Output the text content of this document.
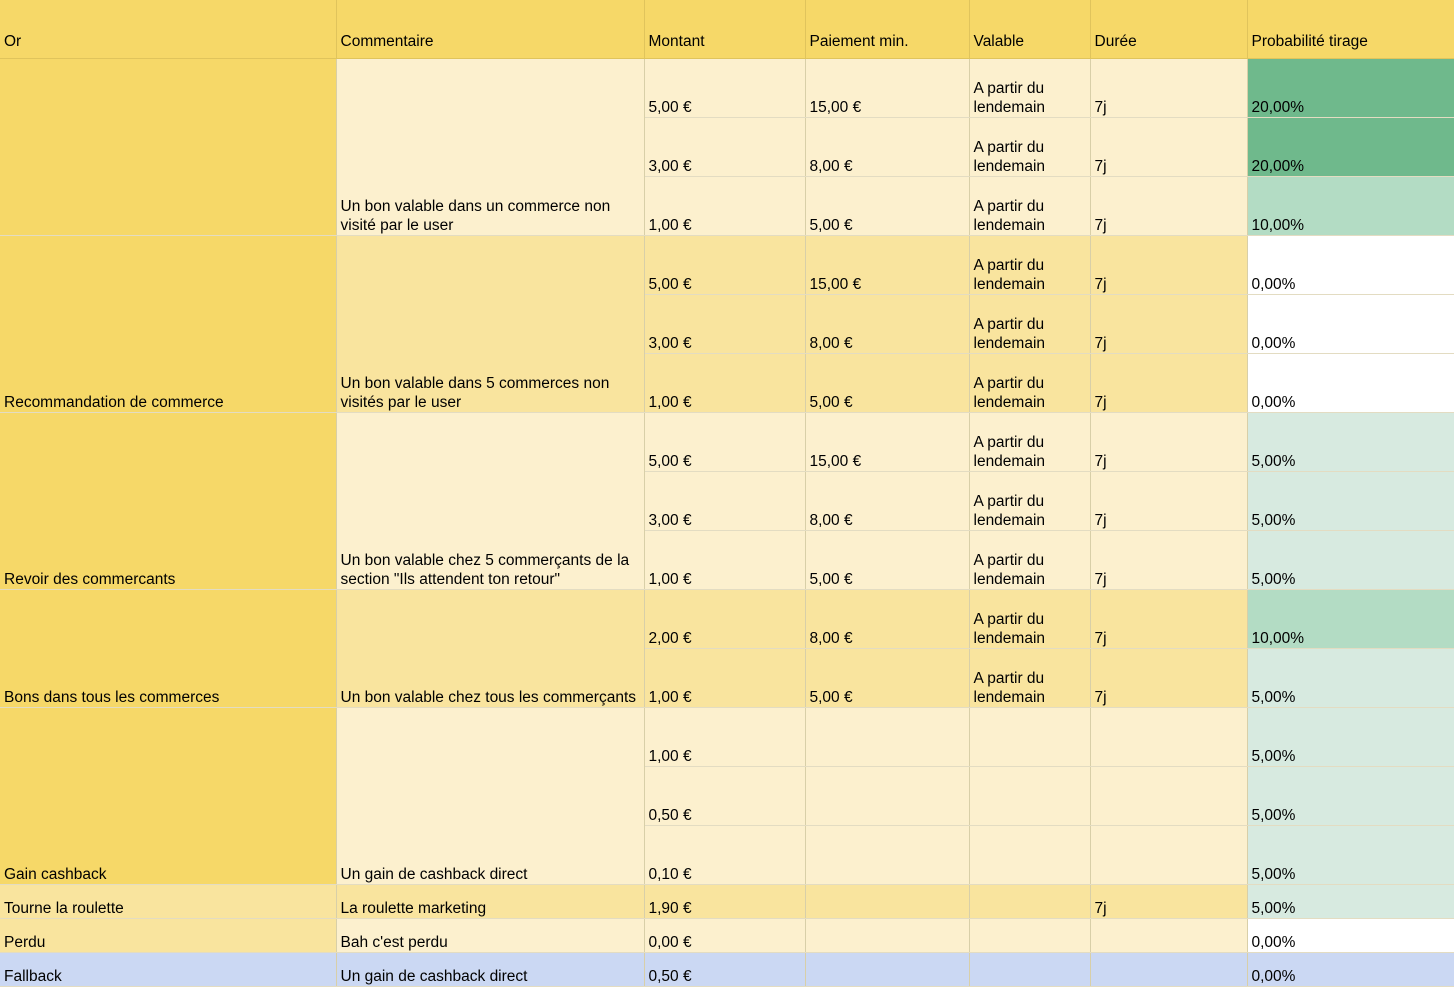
Or	Commentaire	Montant	Paiement min.	Valable	Durée	Probabilité tirage
	Un bon valable dans un commerce non visité par le user	5,00 €	15,00 €	A partir du lendemain	7j	20,00%
		3,00 €	8,00 €	A partir du lendemain	7j	20,00%
		1,00 €	5,00 €	A partir du lendemain	7j	10,00%
Recommandation de commerce	Un bon valable dans 5 commerces non visités par le user	5,00 €	15,00 €	A partir du lendemain	7j	0,00%
		3,00 €	8,00 €	A partir du lendemain	7j	0,00%
		1,00 €	5,00 €	A partir du lendemain	7j	0,00%
Revoir des commercants	Un bon valable chez 5 commerçants de la section "Ils attendent ton retour"	5,00 €	15,00 €	A partir du lendemain	7j	5,00%
		3,00 €	8,00 €	A partir du lendemain	7j	5,00%
		1,00 €	5,00 €	A partir du lendemain	7j	5,00%
Bons dans tous les commerces	Un bon valable chez tous les commerçants	2,00 €	8,00 €	A partir du lendemain	7j	10,00%
		1,00 €	5,00 €	A partir du lendemain	7j	5,00%
Gain cashback	Un gain de cashback direct	1,00 €				5,00%
		0,50 €				5,00%
		0,10 €				5,00%
Tourne la roulette	La roulette marketing	1,90 €			7j	5,00%
Perdu	Bah c'est perdu	0,00 €				0,00%
Fallback	Un gain de cashback direct	0,50 €				0,00%
